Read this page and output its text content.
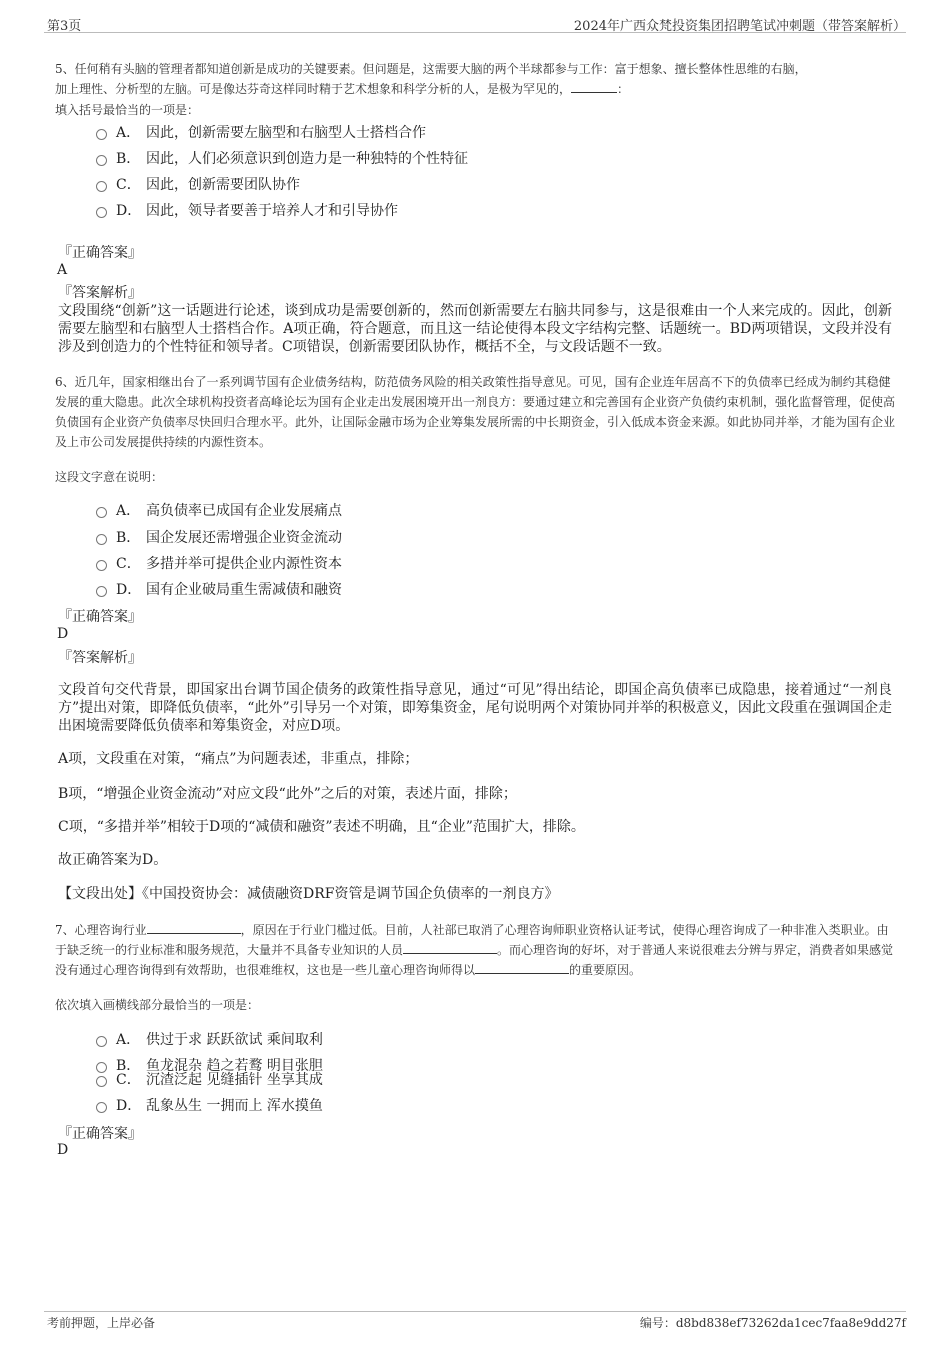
第3页	2024年广西众梵投资集团招聘笔试冲刺题（带答案解析）
5、任何稍有头脑的管理者都知道创新是成功的关键要素。但问题是，这需要大脑的两个半球都参与工作：富于想象、擅长整体性思维的右脑，
加上理性、分析型的左脑。可是像达芬奇这样同时精于艺术想象和科学分析的人，是极为罕见的，	：
填入括号最恰当的一项是：
A． 因此，创新需要左脑型和右脑型人士搭档合作
B． 因此，人们必须意识到创造力是一种独特的个性特征
C． 因此，创新需要团队协作
D． 因此，领导者要善于培养人才和引导协作
『正确答案』
A
『答案解析』
文段围绕“创新”这一话题进行论述，谈到成功是需要创新的，然而创新需要左右脑共同参与，这是很难由一个人来完成的。因此，创新需要左脑型和右脑型人士搭档合作。A项正确，符合题意，而且这一结论使得本段文字结构完整、话题统一。BD两项错误，文段并没有涉及到创造力的个性特征和领导者。C项错误，创新需要团队协作，概括不全，与文段话题不一致。
6、近几年，国家相继出台了一系列调节国有企业债务结构，防范债务风险的相关政策性指导意见。可见，国有企业连年居高不下的负债率已经成为制约其稳健发展的重大隐患。此次全球机构投资者高峰论坛为国有企业走出发展困境开出一剂良方：要通过建立和完善国有企业资产负债约束机制，强化监督管理，促使高负债国有企业资产负债率尽快回归合理水平。此外，让国际金融市场为企业筹集发展所需的中长期资金，引入低成本资金来源。如此协同并举，才能为国有企业及上市公司发展提供持续的内源性资本。
这段文字意在说明：
A． 高负债率已成国有企业发展痛点
B． 国企发展还需增强企业资金流动
C． 多措并举可提供企业内源性资本
D． 国有企业破局重生需减债和融资
『正确答案』
D
『答案解析』
文段首句交代背景，即国家出台调节国企债务的政策性指导意见，通过“可见”得出结论，即国企高负债率已成隐患，接着通过“一剂良方”提出对策，即降低负债率，“此外”引导另一个对策，即筹集资金，尾句说明两个对策协同并举的积极意义，因此文段重在强调国企走出困境需要降低负债率和筹集资金，对应D项。
A项，文段重在对策，“痛点”为问题表述，非重点，排除；
B项，“增强企业资金流动”对应文段“此外”之后的对策，表述片面，排除；
C项，“多措并举”相较于D项的“减债和融资”表述不明确，且“企业”范围扩大，排除。
故正确答案为D。
【文段出处】《中国投资协会：减债融资DRF资管是调节国企负债率的一剂良方》
7、心理咨询行业	，原因在于行业门槛过低。目前，人社部已取消了心理咨询师职业资格认证考试，使得心理咨询成了一种非准入类职业。由于缺乏统一的行业标准和服务规范，大量并不具备专业知识的人员	。而心理咨询的好坏，对于普通人来说很难去分辨与界定，消费者如果感觉没有通过心理咨询得到有效帮助，也很难维权，这也是一些儿童心理咨询师得以	的重要原因。
依次填入画横线部分最恰当的一项是：
A． 供过于求 跃跃欲试 乘间取利
B． 鱼龙混杂 趋之若鹜 明目张胆
C． 沉渣泛起 见缝插针 坐享其成
D． 乱象丛生 一拥而上 浑水摸鱼
『正确答案』
D
考前押题，上岸必备	编号：d8bd838ef73262da1cec7faa8e9dd27f
